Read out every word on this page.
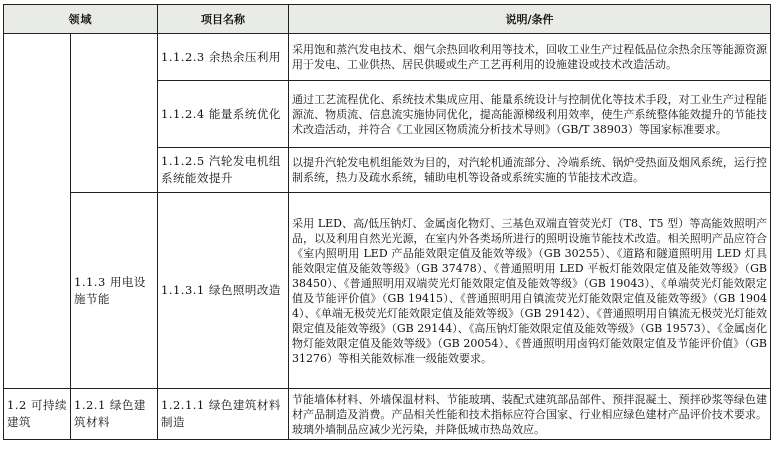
领域		项目名称	说明/条件
		1.1.2.3 余热余压利用	采用饱和蒸汽发电技术、烟气余热回收利用等技术，回收工业生产过程低品位余热余压等能源资源用于发电、工业供热、居民供暖或生产工艺再利用的设施建设或技术改造活动。
		1.1.2.4 能量系统优化	通过工艺流程优化、系统技术集成应用、能量系统设计与控制优化等技术手段，对工业生产过程能源流、物质流、信息流实施协同优化，提高能源梯级利用效率，使生产系统整体能效提升的节能技术改造活动，并符合《工业园区物质流分析技术导则》（GB/T 38903）等国家标准要求。
		1.1.2.5 汽轮发电机组系统能效提升	以提升汽轮发电机组能效为目的，对汽轮机通流部分、冷端系统、锅炉受热面及烟风系统，运行控制系统，热力及疏水系统，辅助电机等设备或系统实施的节能技术改造。
	1.1.3 用电设施节能	1.1.3.1 绿色照明改造	采用 LED、高/低压钠灯、金属卤化物灯、三基色双端直管荧光灯（T8、T5 型）等高能效照明产品，以及利用自然光光源，在室内外各类场所进行的照明设施节能技术改造。相关照明产品应符合《室内照明用 LED 产品能效限定值及能效等级》（GB 30255）、《道路和隧道照明用 LED 灯具能效限定值及能效等级》（GB 37478）、《普通照明用 LED 平板灯能效限定值及能效等级》（GB 38450）、《普通照明用双端荧光灯能效限定值及能效等级》（GB 19043）、《单端荧光灯能效限定值及节能评价值》（GB 19415）、《普通照明用自镇流荧光灯能效限定值及能效等级》（GB 19044）、《单端无极荧光灯能效限定值及能效等级》（GB 29142）、《普通照明用自镇流无极荧光灯能效限定值及能效等级》（GB 29144）、《高压钠灯能效限定值及能效等级》（GB 19573）、《金属卤化物灯能效限定值及能效等级》（GB 20054）、《普通照明用卤钨灯能效限定值及节能评价值》（GB 31276）等相关能效标准一级能效要求。
1.2 可持续建筑	1.2.1 绿色建筑材料	1.2.1.1 绿色建筑材料制造	节能墙体材料、外墙保温材料、节能玻璃、装配式建筑部品部件、预拌混凝土、预拌砂浆等绿色建材产品制造及消费。产品相关性能和技术指标应符合国家、行业相应绿色建材产品评价技术要求。玻璃外墙制品应减少光污染，并降低城市热岛效应。
